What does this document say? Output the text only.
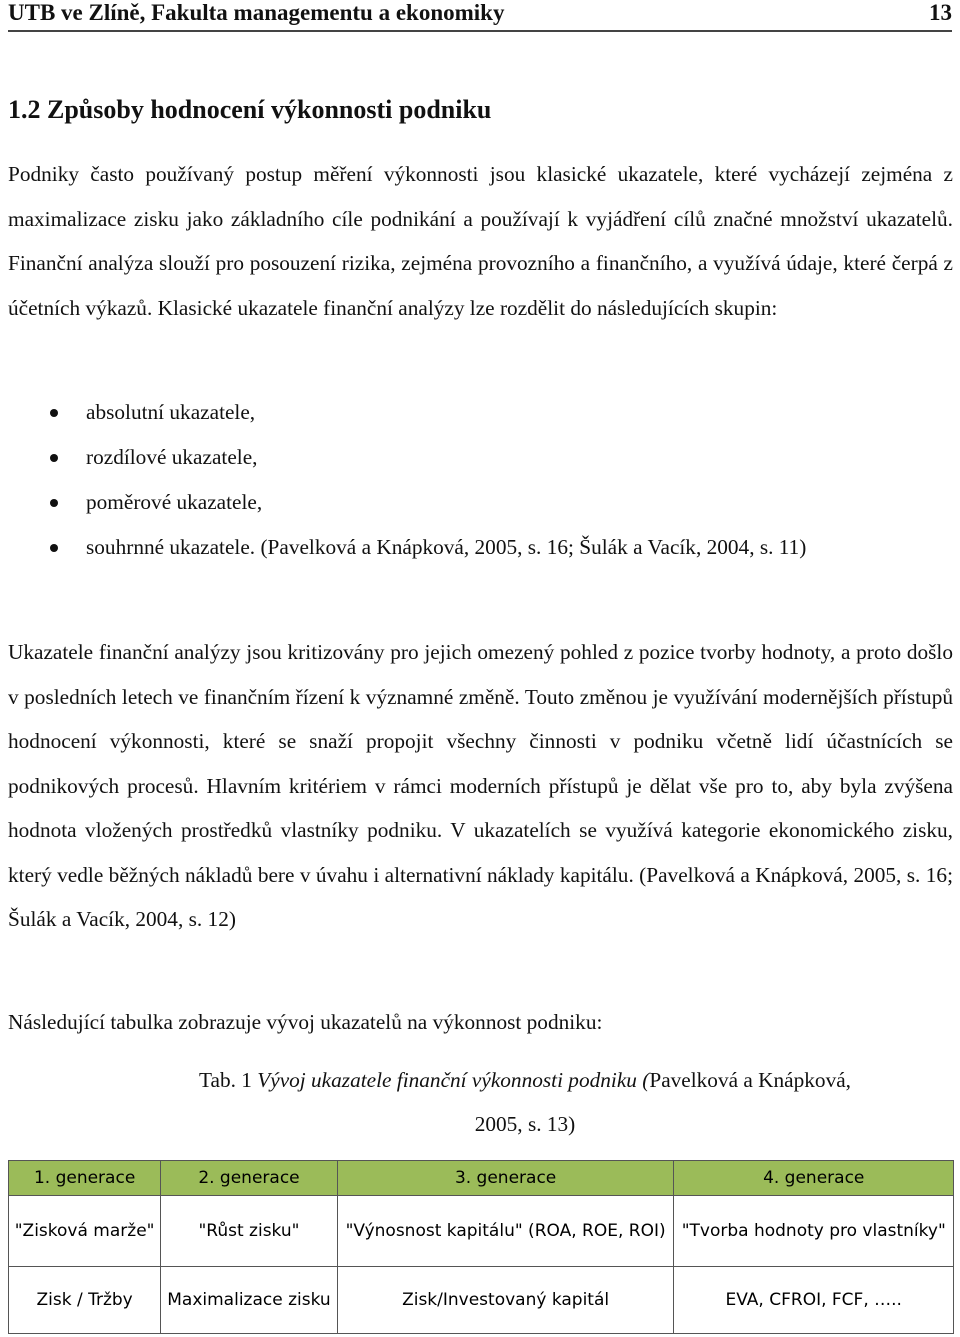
UTB ve Zlíně, Fakulta managementu a ekonomiky	13
1.2 Způsoby hodnocení výkonnosti podniku

Podniky často používaný postup měření výkonnosti jsou klasické ukazatele, které vycházejí zejména z maximalizace zisku jako základního cíle podnikání a používají k vyjádření cílů značné množství ukazatelů. Finanční analýza slouží pro posouzení rizika, zejména provozního a finančního, a využívá údaje, které čerpá z účetních výkazů. Klasické ukazatele finanční analýzy lze rozdělit do následujících skupin:

absolutní ukazatele,
rozdílové ukazatele,
poměrové ukazatele,
souhrnné ukazatele. (Pavelková a Knápková, 2005, s. 16; Šulák a Vacík, 2004, s. 11)

Ukazatele finanční analýzy jsou kritizovány pro jejich omezený pohled z pozice tvorby hodnoty, a proto došlo v posledních letech ve finančním řízení k významné změně. Touto změnou je využívání modernějších přístupů hodnocení výkonnosti, které se snaží propojit všechny činnosti v podniku včetně lidí účastnících se podnikových procesů. Hlavním kritériem v rámci moderních přístupů je dělat vše pro to, aby byla zvýšena hodnota vložených prostředků vlastníky podniku. V ukazatelích se využívá kategorie ekonomického zisku, který vedle běžných nákladů bere v úvahu i alternativní náklady kapitálu. (Pavelková a Knápková, 2005, s. 16; Šulák a Vacík, 2004, s. 12)

Následující tabulka zobrazuje vývoj ukazatelů na výkonnost podniku:

Tab. 1 Vývoj ukazatele finanční výkonnosti podniku (Pavelková a Knápková,
2005, s. 13)
1. generace	2. generace	3. generace	4. generace
"Zisková marže"	"Růst zisku"	"Výnosnost kapitálu" (ROA, ROE, ROI)	"Tvorba hodnoty pro vlastníky"
Zisk / Tržby	Maximalizace zisku	Zisk/Investovaný kapitál	EVA, CFROI, FCF, …..
